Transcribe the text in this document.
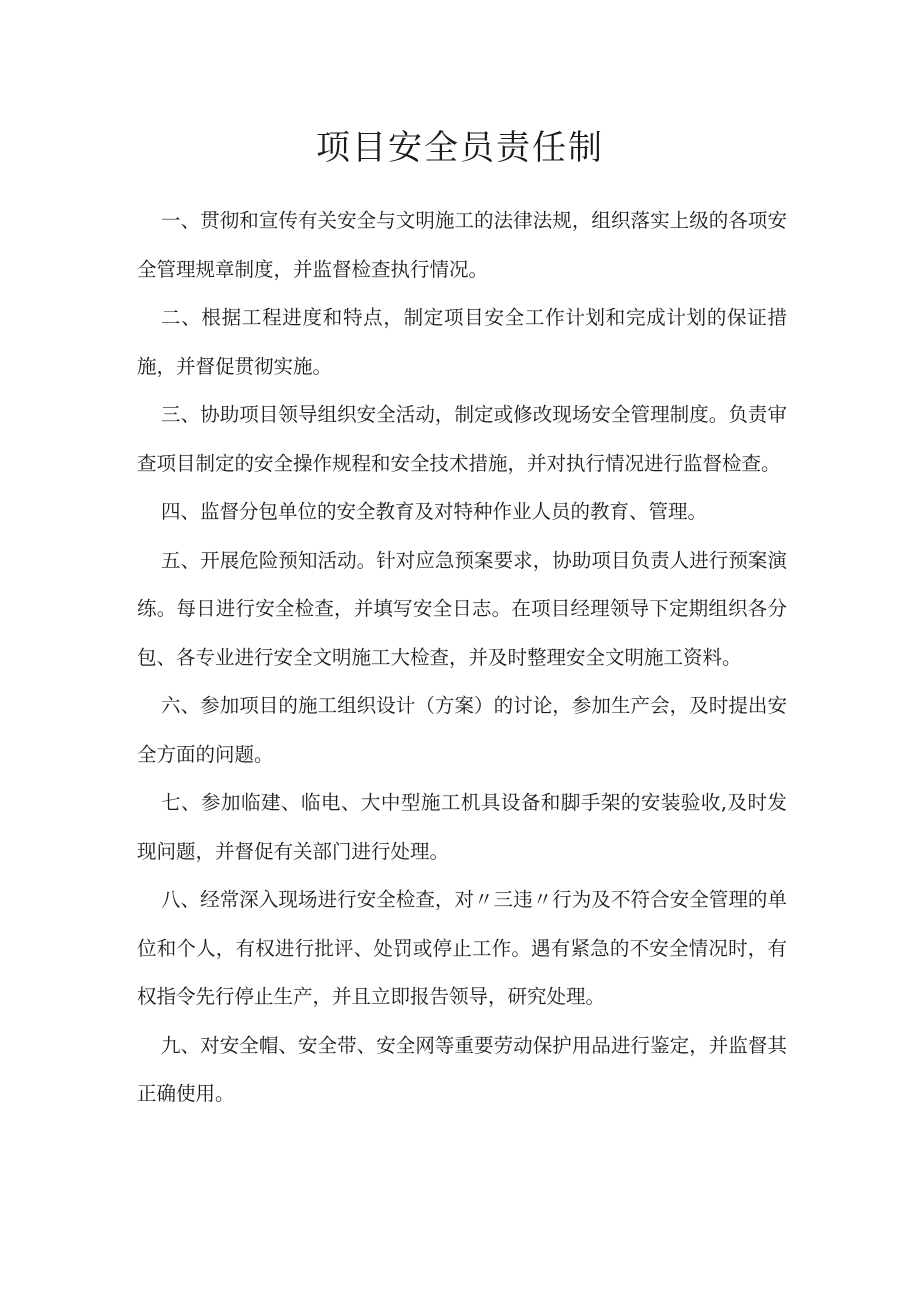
项目安全员责任制

一、贯彻和宣传有关安全与文明施工的法律法规，组织落实上级的各项安全管理规章制度，并监督检查执行情况。

二、根据工程进度和特点，制定项目安全工作计划和完成计划的保证措施，并督促贯彻实施。

三、协助项目领导组织安全活动，制定或修改现场安全管理制度。负责审查项目制定的安全操作规程和安全技术措施，并对执行情况进行监督检查。

四、监督分包单位的安全教育及对特种作业人员的教育、管理。

五、开展危险预知活动。针对应急预案要求，协助项目负责人进行预案演练。每日进行安全检查，并填写安全日志。在项目经理领导下定期组织各分包、各专业进行安全文明施工大检查，并及时整理安全文明施工资料。

六、参加项目的施工组织设计（方案）的讨论，参加生产会，及时提出安全方面的问题。

七、参加临建、临电、大中型施工机具设备和脚手架的安装验收,及时发现问题，并督促有关部门进行处理。

八、经常深入现场进行安全检查，对〃三违〃行为及不符合安全管理的单位和个人，有权进行批评、处罚或停止工作。遇有紧急的不安全情况时，有权指令先行停止生产，并且立即报告领导，研究处理。

九、对安全帽、安全带、安全网等重要劳动保护用品进行鉴定，并监督其正确使用。
